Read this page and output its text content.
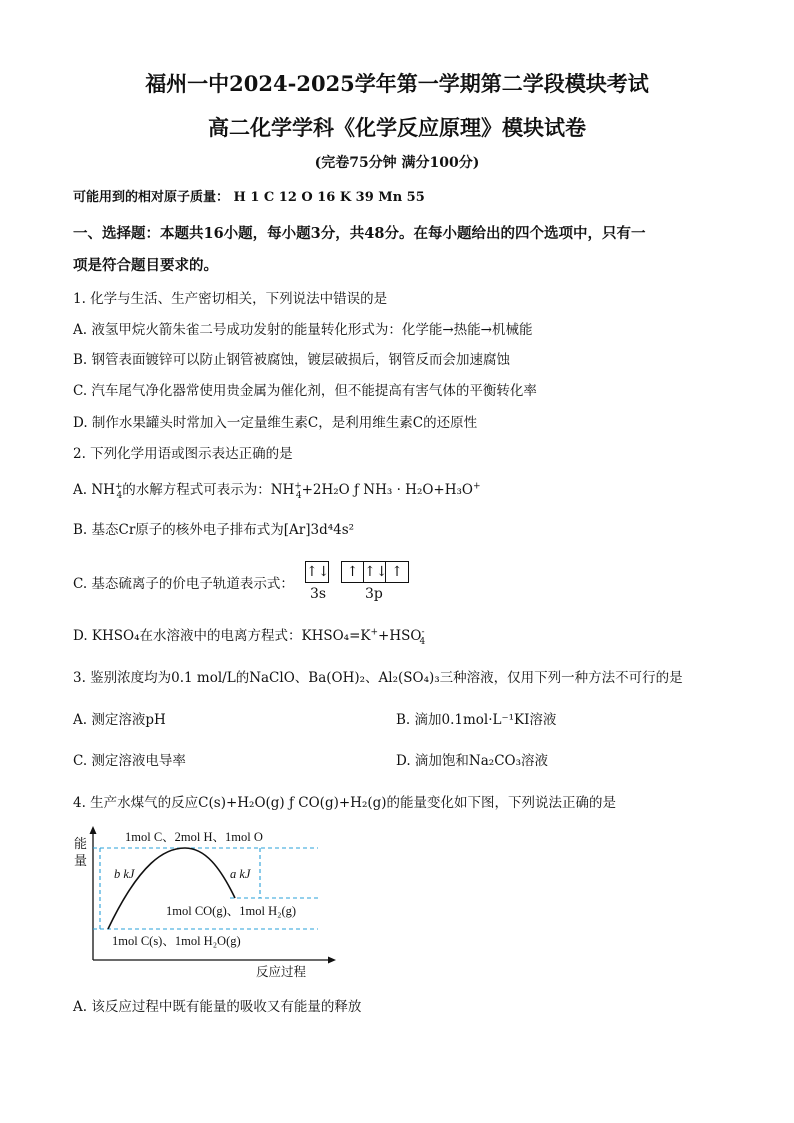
福州一中2024-2025学年第一学期第二学段模块考试
高二化学学科《化学反应原理》模块试卷
(完卷75分钟 满分100分)
可能用到的相对原子质量： H 1 C 12 O 16 K 39 Mn 55
一、选择题：本题共16小题，每小题3分，共48分。在每小题给出的四个选项中，只有一
项是符合题目要求的。
1. 化学与生活、生产密切相关，下列说法中错误的是
A. 液氢甲烷火箭朱雀二号成功发射的能量转化形式为：化学能→热能→机械能
B. 钢管表面镀锌可以防止钢管被腐蚀，镀层破损后，钢管反而会加速腐蚀
C. 汽车尾气净化器常使用贵金属为催化剂，但不能提高有害气体的平衡转化率
D. 制作水果罐头时常加入一定量维生素C，是利用维生素C的还原性
2. 下列化学用语或图示表达正确的是
A. $NH^+_4$的水解方程式可表示为：$NH^+_4+2H_2O$ ƒ NH₃ · H₂O+H₃O+
B. 基态Cr原子的核外电子排布式为[Ar]3d⁴4s²
C. 基态硫离子的价电子轨道表示式：
↑↓	↑ ↑↓ ↑
3s	3p
D. KHSO₄在水溶液中的电离方程式：$KHSO_4=K^++HSO^-_4$
3. 鉴别浓度均为0.1 mol/L的NaClO、Ba(OH)₂、Al₂(SO₄)₃三种溶液，仅用下列一种方法不可行的是
A. 测定溶液pH	B. 滴加0.1mol·L⁻¹KI溶液
C. 测定溶液电导率	D. 滴加饱和Na₂CO₃溶液
4. 生产水煤气的反应C(s)+H₂O(g) ƒ CO(g)+H₂(g)的能量变化如下图，下列说法正确的是
1mol C、2mol H、1mol O
b kJ	a kJ
1mol CO(g)、1mol H₂(g)
1mol C(s)、1mol H₂O(g)
反应过程
能
量
A. 该反应过程中既有能量的吸收又有能量的释放
